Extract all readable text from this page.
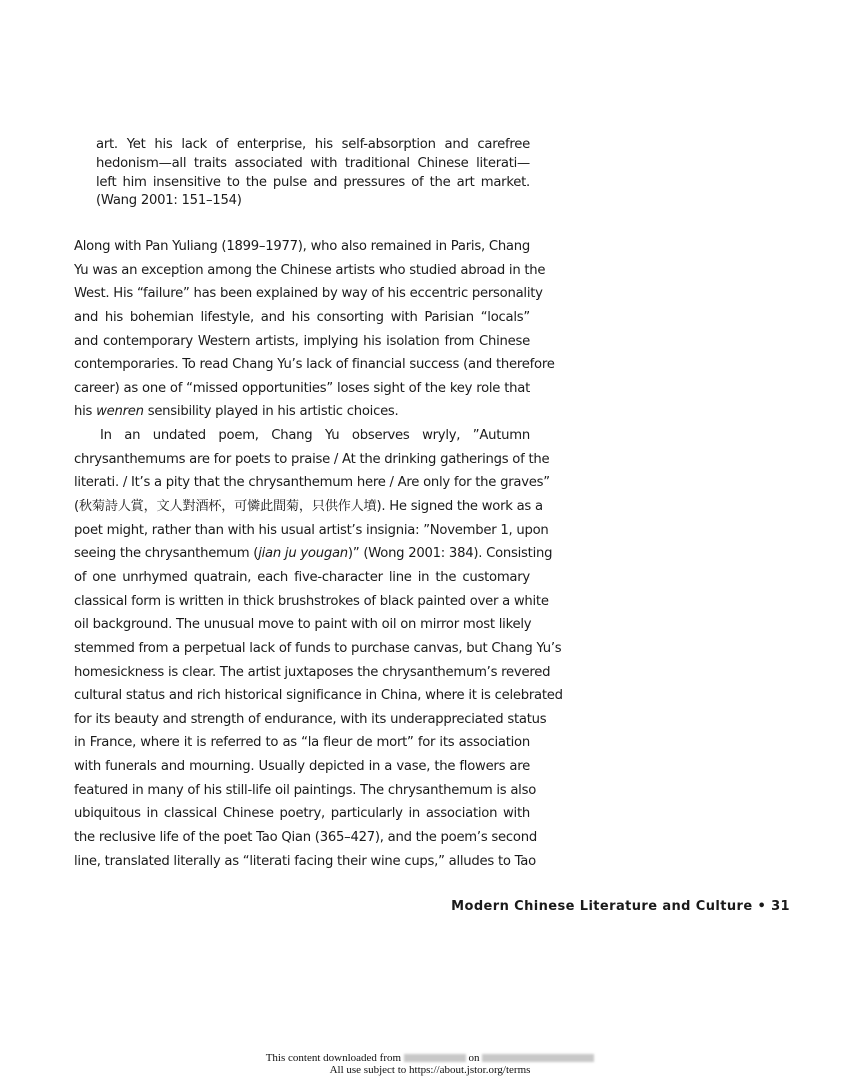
art. Yet his lack of enterprise, his self-absorption and carefree
hedonism—all traits associated with traditional Chinese literati—
left him insensitive to the pulse and pressures of the art market.
(Wang 2001: 151–154)
Along with Pan Yuliang (1899–1977), who also remained in Paris, Chang
Yu was an exception among the Chinese artists who studied abroad in the
West. His “failure” has been explained by way of his eccentric personality
and his bohemian lifestyle, and his consorting with Parisian “locals”
and contemporary Western artists, implying his isolation from Chinese
contemporaries. To read Chang Yu’s lack of financial success (and therefore
career) as one of “missed opportunities” loses sight of the key role that
his wenren sensibility played in his artistic choices.
In an undated poem, Chang Yu observes wryly, ”Autumn
chrysanthemums are for poets to praise / At the drinking gatherings of the
literati. / It’s a pity that the chrysanthemum here / Are only for the graves”
(秋菊詩人賞，文人對酒杯，可憐此間菊，只供作人墳). He signed the work as a
poet might, rather than with his usual artist’s insignia: ”November 1, upon
seeing the chrysanthemum (jian ju yougan)” (Wong 2001: 384). Consisting
of one unrhymed quatrain, each five-character line in the customary
classical form is written in thick brushstrokes of black painted over a white
oil background. The unusual move to paint with oil on mirror most likely
stemmed from a perpetual lack of funds to purchase canvas, but Chang Yu’s
homesickness is clear. The artist juxtaposes the chrysanthemum’s revered
cultural status and rich historical significance in China, where it is celebrated
for its beauty and strength of endurance, with its underappreciated status
in France, where it is referred to as “la fleur de mort” for its association
with funerals and mourning. Usually depicted in a vase, the flowers are
featured in many of his still-life oil paintings. The chrysanthemum is also
ubiquitous in classical Chinese poetry, particularly in association with
the reclusive life of the poet Tao Qian (365–427), and the poem’s second
line, translated literally as “literati facing their wine cups,” alludes to Tao
Modern Chinese Literature and Culture • 31
This content downloaded from	on
All use subject to https://about.jstor.org/terms
